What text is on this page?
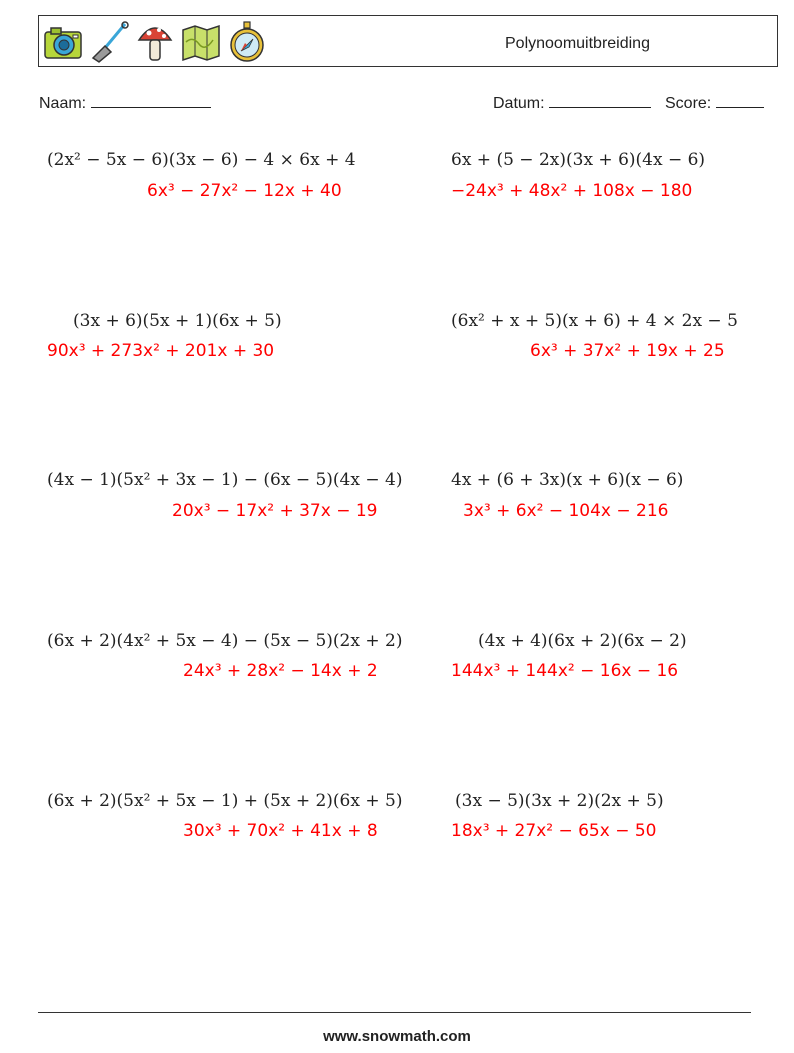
Polynoomuitbreiding
Naam:	Datum:	Score:
(2x² − 5x − 6)(3x − 6) − 4 × 6x + 4
6x³ − 27x² − 12x + 40
6x + (5 − 2x)(3x + 6)(4x − 6)
−24x³ + 48x² + 108x − 180
(3x + 6)(5x + 1)(6x + 5)
90x³ + 273x² + 201x + 30
(6x² + x + 5)(x + 6) + 4 × 2x − 5
6x³ + 37x² + 19x + 25
(4x − 1)(5x² + 3x − 1) − (6x − 5)(4x − 4)
20x³ − 17x² + 37x − 19
4x + (6 + 3x)(x + 6)(x − 6)
3x³ + 6x² − 104x − 216
(6x + 2)(4x² + 5x − 4) − (5x − 5)(2x + 2)
24x³ + 28x² − 14x + 2
(4x + 4)(6x + 2)(6x − 2)
144x³ + 144x² − 16x − 16
(6x + 2)(5x² + 5x − 1) + (5x + 2)(6x + 5)
30x³ + 70x² + 41x + 8
(3x − 5)(3x + 2)(2x + 5)
18x³ + 27x² − 65x − 50
www.snowmath.com
